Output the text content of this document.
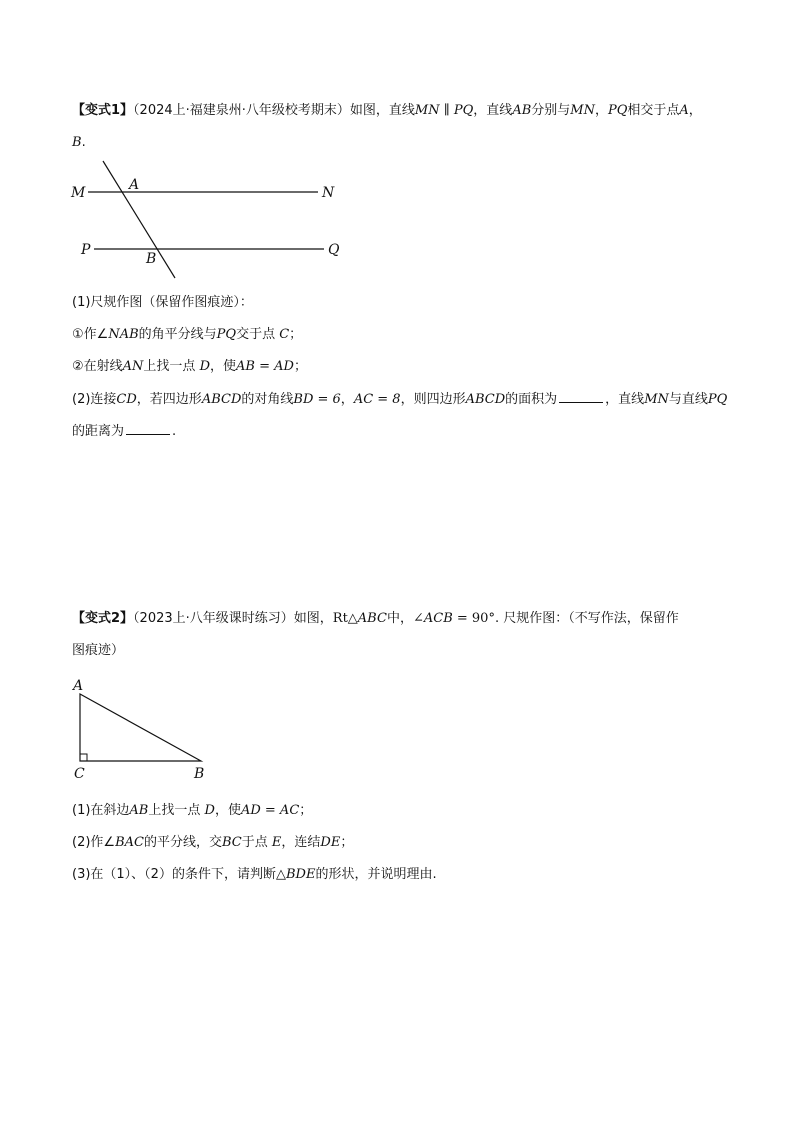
【变式1】（2024上·福建泉州·八年级校考期末）如图，直线MN ∥ PQ，直线AB分别与MN，PQ相交于点A，
B.
M	N
P	Q
A
B
(1)尺规作图（保留作图痕迹）：
①作∠NAB的角平分线与PQ交于点 C；
②在射线AN上找一点 D，使AB = AD；
(2)连接CD，若四边形ABCD的对角线BD = 6，AC = 8，则四边形ABCD的面积为	，直线MN与直线PQ
的距离为	.
【变式2】（2023上·八年级课时练习）如图，Rt△ABC中，∠ACB = 90°. 尺规作图：（不写作法，保留作
图痕迹）
A
C	B
(1)在斜边AB上找一点 D，使AD = AC；
(2)作∠BAC的平分线，交BC于点 E，连结DE；
(3)在（1）、（2）的条件下，请判断△BDE的形状，并说明理由.
